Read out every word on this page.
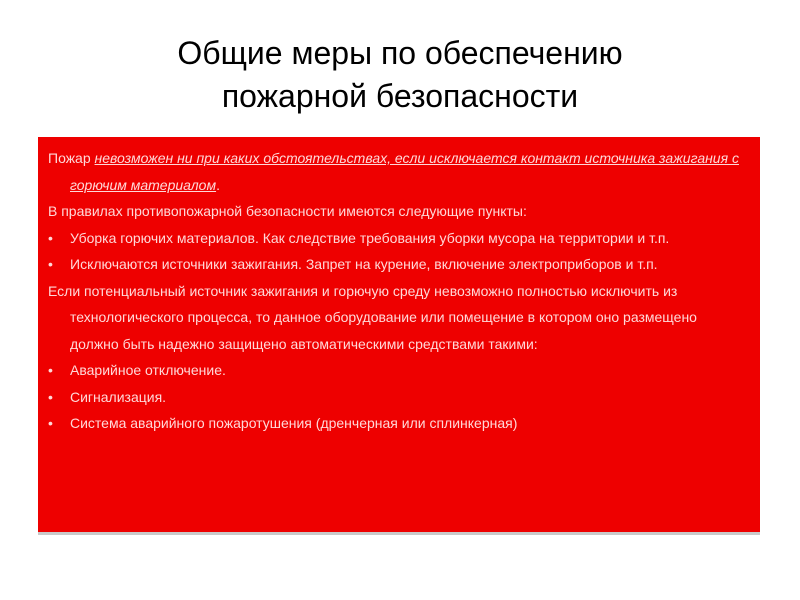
Общие меры по обеспечению
пожарной безопасности
Пожар невозможен ни при каких обстоятельствах, если исключается контакт источника зажигания с горючим материалом.
В правилах противопожарной безопасности имеются следующие пункты:
• Уборка горючих материалов. Как следствие требования уборки мусора на территории и т.п.
• Исключаются источники зажигания. Запрет на курение, включение электроприборов и т.п.
Если потенциальный источник зажигания и горючую среду невозможно полностью исключить из технологического процесса, то данное оборудование или помещение в котором оно размещено должно быть надежно защищено автоматическими средствами такими:
• Аварийное отключение.
• Сигнализация.
• Система аварийного пожаротушения (дренчерная или сплинкерная)
